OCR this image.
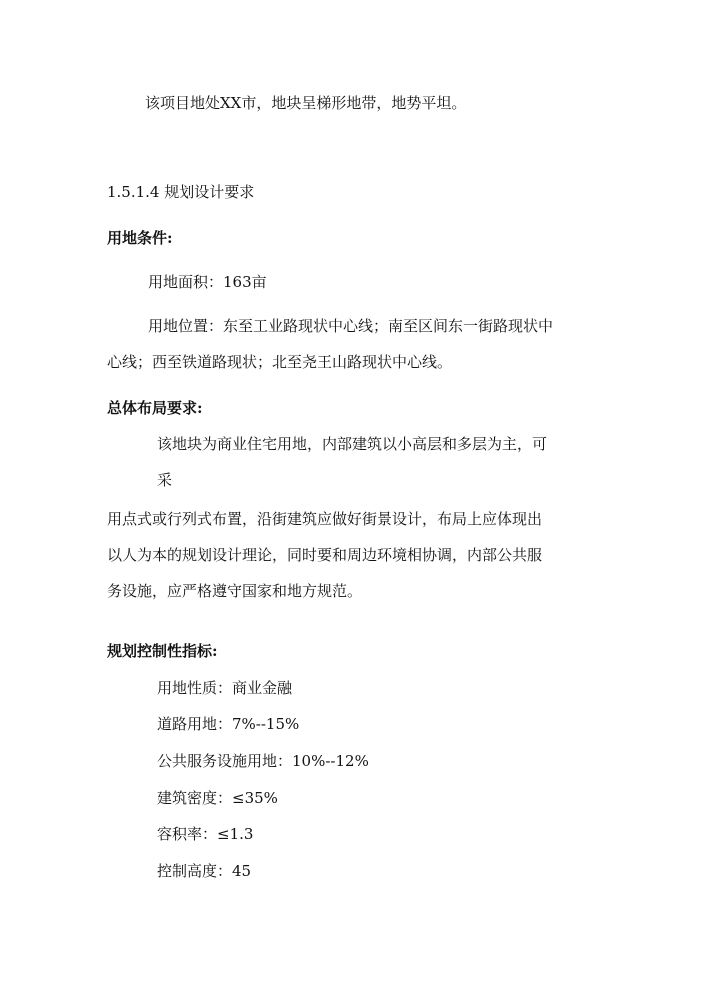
该项目地处XX市，地块呈梯形地带，地势平坦。
1.5.1.4 规划设计要求
用地条件:
用地面积：163亩
用地位置：东至工业路现状中心线；南至区间东一街路现状中
心线；西至铁道路现状；北至尧王山路现状中心线。
总体布局要求:
该地块为商业住宅用地，内部建筑以小高层和多层为主，可
采
用点式或行列式布置，沿街建筑应做好街景设计，布局上应体现出
以人为本的规划设计理论，同时要和周边环境相协调，内部公共服
务设施，应严格遵守国家和地方规范。
规划控制性指标:
用地性质：商业金融
道路用地：7%--15%
公共服务设施用地：10%--12%
建筑密度：≤35%
容积率：≤1.3
控制高度：45
